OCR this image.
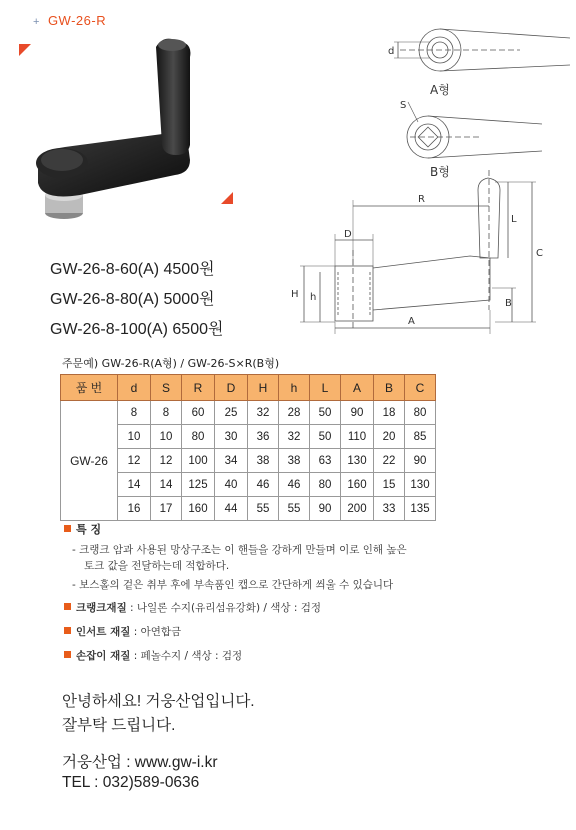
+ GW-26-R
GW-26-8-60(A) 4500원
GW-26-8-80(A) 5000원
GW-26-8-100(A) 6500원
d
S
R
D
L
C
H h
B
A
A형
B형
주문예) GW-26-R(A형) / GW-26-S×R(B형)
품 번	d	S	R	D	H	h	L	A	B	C
GW-26	8	8	60	25	32	28	50	90	18	80
	10	10	80	30	36	32	50	110	20	85
	12	12	100	34	38	38	63	130	22	90
	14	14	125	40	46	46	80	160	15	130
	16	17	160	44	55	55	90	200	33	135
특 징
- 크랭크 암과 사용된 망상구조는 이 핸들을 강하게 만들며 이로 인해 높은
토크 값을 전달하는데 적합하다.
- 보스홀의 겉은 취부 후에 부속품인 캡으로 간단하게 씌울 수 있습니다
크랭크재질 : 나일론 수지(유리섬유강화) / 색상 : 검정
인서트 재질 : 아연합금
손잡이 재질 : 페놀수지 / 색상 : 검정
안녕하세요! 거웅산업입니다.
잘부탁 드립니다.
거웅산업 : www.gw-i.kr
TEL : 032)589-0636
